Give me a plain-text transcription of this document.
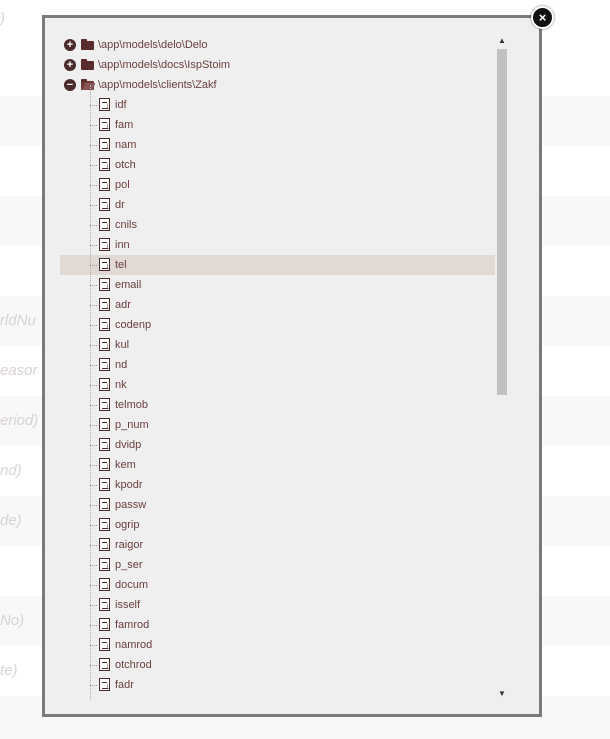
)
rldNu
easor
eriod)
nd)
de)
No)
te)
+ \app\models\delo\Delo
+ \app\models\docs\IspStoim
− \app\models\clients\Zakf
↓
idf
↓
fam
↓
nam
↓
otch
↓
pol
↓
dr
↓
cnils
↓
inn
↓
tel
↓
email
↓
adr
↓
codenp
↓
kul
↓
nd
↓
nk
↓
telmob
↓
p_num
↓
dvidp
↓
kem
↓
kpodr
↓
passw
↓
ogrip
↓
raigor
↓
p_ser
↓
docum
↓
isself
↓
famrod
↓
namrod
↓
otchrod
↓
fadr
▲
▼
×
